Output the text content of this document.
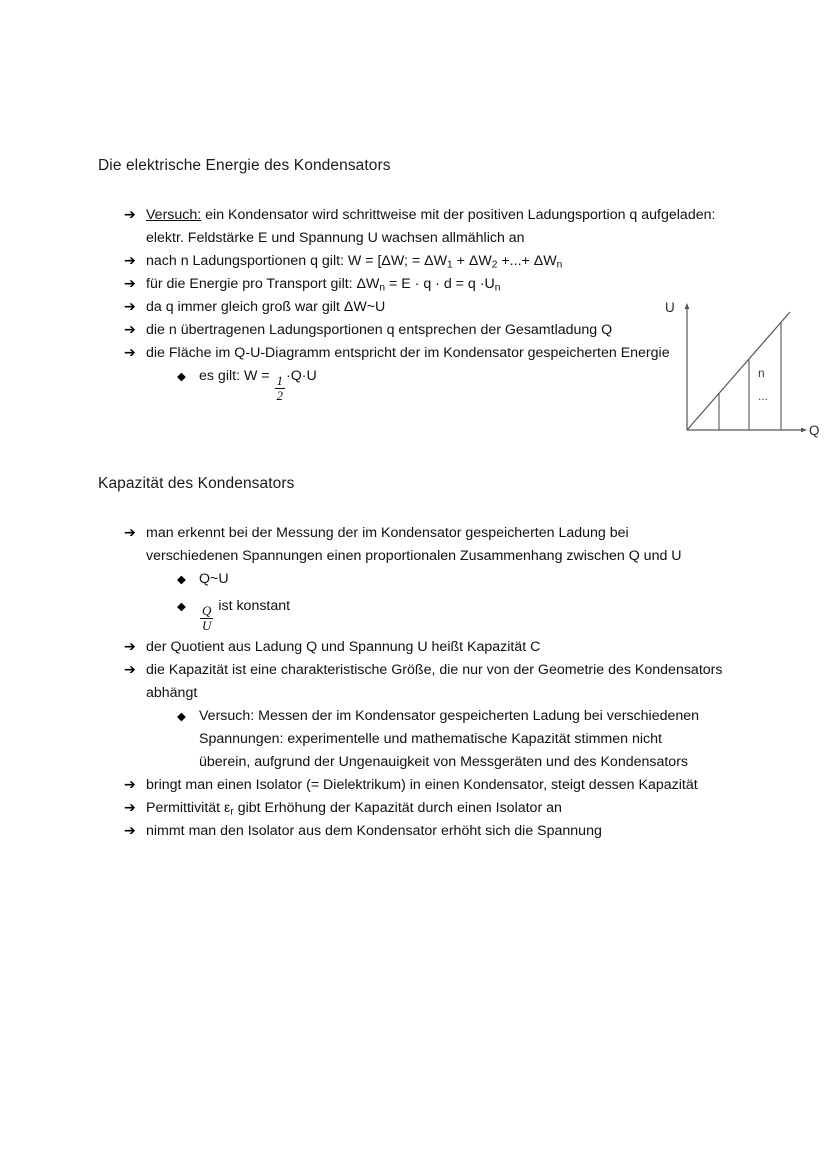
Die elektrische Energie des Kondensators
➔ Versuch: ein Kondensator wird schrittweise mit der positiven Ladungsportion q aufgeladen: elektr. Feldstärke E und Spannung U wachsen allmählich an
➔ nach n Ladungsportionen q gilt: W = [ΔW; = $\Delta W_1 + \Delta W_2$ +...+ $\Delta W_n$
➔ für die Energie pro Transport gilt: $\Delta W_n = E \cdot q \cdot d = q \cdot U_n$
➔ da q immer gleich groß war gilt ΔW~U
➔ die n übertragenen Ladungsportionen q entsprechen der Gesamtladung Q
➔ die Fläche im Q-U-Diagramm entspricht der im Kondensator gespeicherten Energie
◆ es gilt: $W = \frac{1}{2} \cdot Q\cdot U$
U
Q
n
...
Kapazität des Kondensators
➔ man erkennt bei der Messung der im Kondensator gespeicherten Ladung bei verschiedenen Spannungen einen proportionalen Zusammenhang zwischen Q und U
◆ Q~U
◆	$\frac{Q}{U}$ ist konstant
➔ der Quotient aus Ladung Q und Spannung U heißt Kapazität C
➔ die Kapazität ist eine charakteristische Größe, die nur von der Geometrie des Kondensators abhängt
◆ Versuch: Messen der im Kondensator gespeicherten Ladung bei verschiedenen Spannungen: experimentelle und mathematische Kapazität stimmen nicht überein, aufgrund der Ungenauigkeit von Messgeräten und des Kondensators
➔ bringt man einen Isolator (= Dielektrikum) in einen Kondensator, steigt dessen Kapazität
➔ Permittivität $\varepsilon_r$ gibt Erhöhung der Kapazität durch einen Isolator an
➔ nimmt man den Isolator aus dem Kondensator erhöht sich die Spannung
